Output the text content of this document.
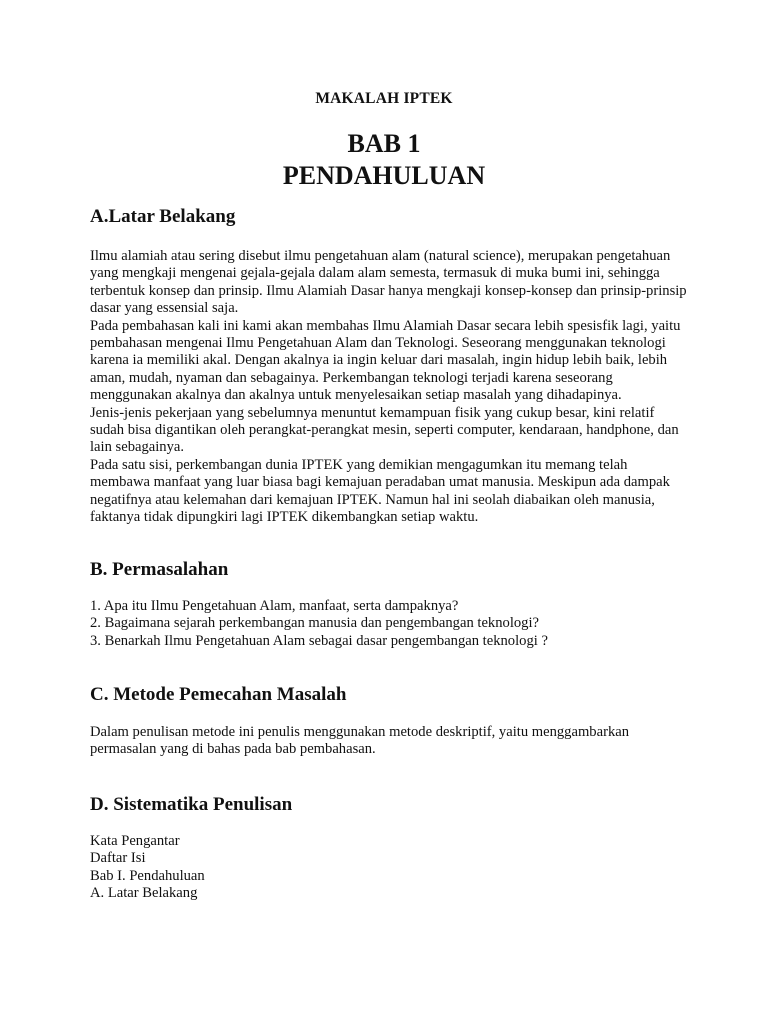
MAKALAH IPTEK
BAB 1
PENDAHULUAN
A.Latar Belakang

Ilmu alamiah atau sering disebut ilmu pengetahuan alam (natural science), merupakan pengetahuan yang mengkaji mengenai gejala-gejala dalam alam semesta, termasuk di muka bumi ini, sehingga terbentuk konsep dan prinsip. Ilmu Alamiah Dasar hanya mengkaji konsep-konsep dan prinsip-prinsip dasar yang essensial saja.

Pada pembahasan kali ini kami akan membahas Ilmu Alamiah Dasar secara lebih spesisfik lagi, yaitu pembahasan mengenai Ilmu Pengetahuan Alam dan Teknologi. Seseorang menggunakan teknologi karena ia memiliki akal. Dengan akalnya ia ingin keluar dari masalah, ingin hidup lebih baik, lebih aman, mudah, nyaman dan sebagainya. Perkembangan teknologi terjadi karena seseorang menggunakan akalnya dan akalnya untuk menyelesaikan setiap masalah yang dihadapinya.

Jenis-jenis pekerjaan yang sebelumnya menuntut kemampuan fisik yang cukup besar, kini relatif sudah bisa digantikan oleh perangkat-perangkat mesin, seperti computer, kendaraan, handphone, dan lain sebagainya.

Pada satu sisi, perkembangan dunia IPTEK yang demikian mengagumkan itu memang telah membawa manfaat yang luar biasa bagi kemajuan peradaban umat manusia. Meskipun ada dampak negatifnya atau kelemahan dari kemajuan IPTEK. Namun hal ini seolah diabaikan oleh manusia, faktanya tidak dipungkiri lagi IPTEK dikembangkan setiap waktu.

B. Permasalahan
1. Apa itu Ilmu Pengetahuan Alam, manfaat, serta dampaknya?
2. Bagaimana sejarah perkembangan manusia dan pengembangan teknologi?
3. Benarkah Ilmu Pengetahuan Alam sebagai dasar pengembangan teknologi ?
C. Metode Pemecahan Masalah

Dalam penulisan metode ini penulis menggunakan metode deskriptif, yaitu menggambarkan permasalan yang di bahas pada bab pembahasan.

D. Sistematika Penulisan
Kata Pengantar
Daftar Isi
Bab I. Pendahuluan
A. Latar Belakang
